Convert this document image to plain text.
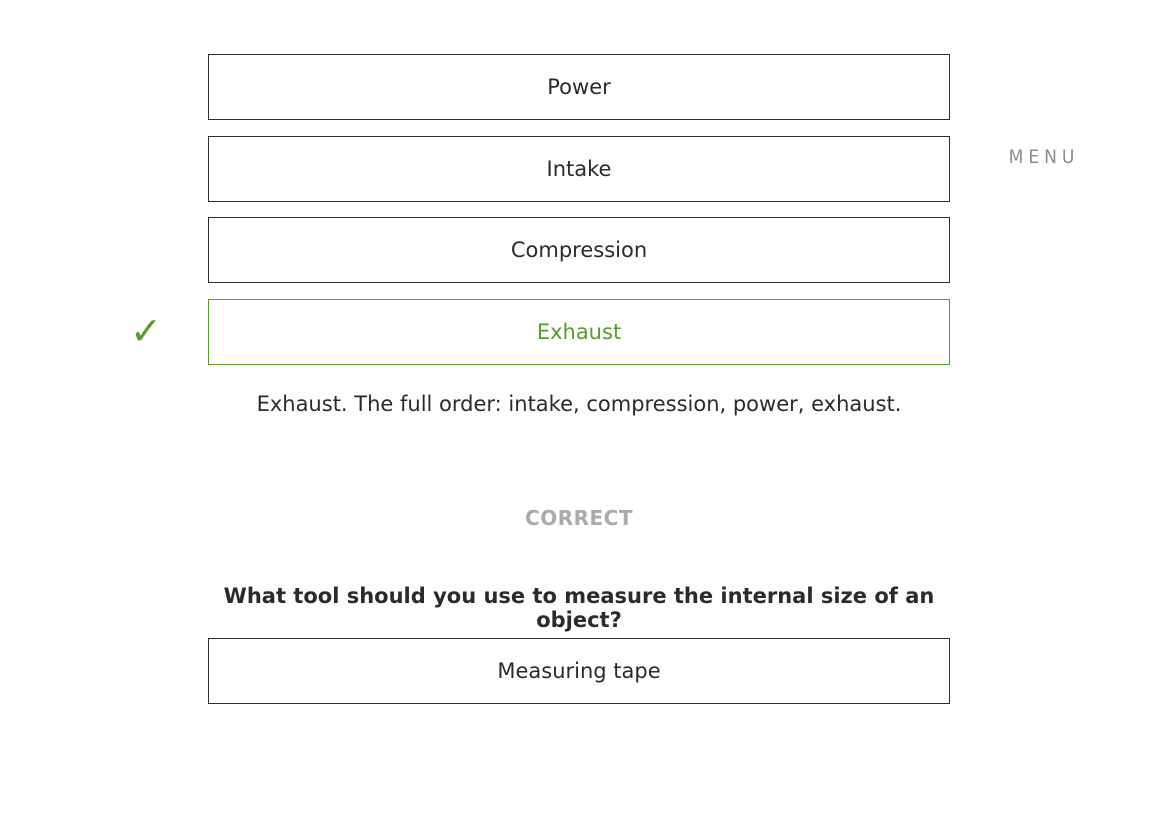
Power
Intake
Compression
✓	Exhaust
Exhaust. The full order: intake, compression, power, exhaust.
CORRECT
What tool should you use to measure the internal size of an object?
Measuring tape
MENU
